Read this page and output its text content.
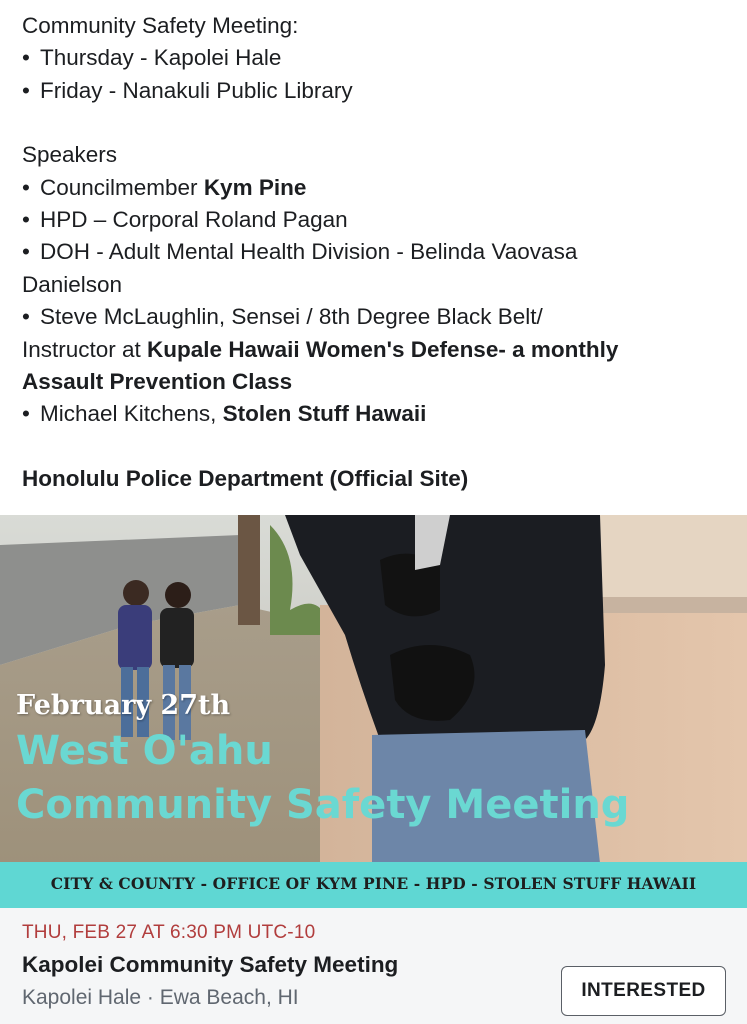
Community Safety Meeting:
• Thursday - Kapolei Hale
• Friday - Nanakuli Public Library
Speakers
• Councilmember Kym Pine
• HPD – Corporal Roland Pagan
• DOH - Adult Mental Health Division - Belinda Vaovasa
Danielson
• Steve McLaughlin, Sensei / 8th Degree Black Belt/
Instructor at Kupale Hawaii Women's Defense- a monthly
Assault Prevention Class
• Michael Kitchens, Stolen Stuff Hawaii
Honolulu Police Department (Official Site)
February 27th
West O'ahu
Community Safety Meeting
CITY & COUNTY - OFFICE OF KYM PINE - HPD - STOLEN STUFF HAWAII
THU, FEB 27 AT 6:30 PM UTC-10
Kapolei Community Safety Meeting
Kapolei Hale · Ewa Beach, HI	INTERESTED
